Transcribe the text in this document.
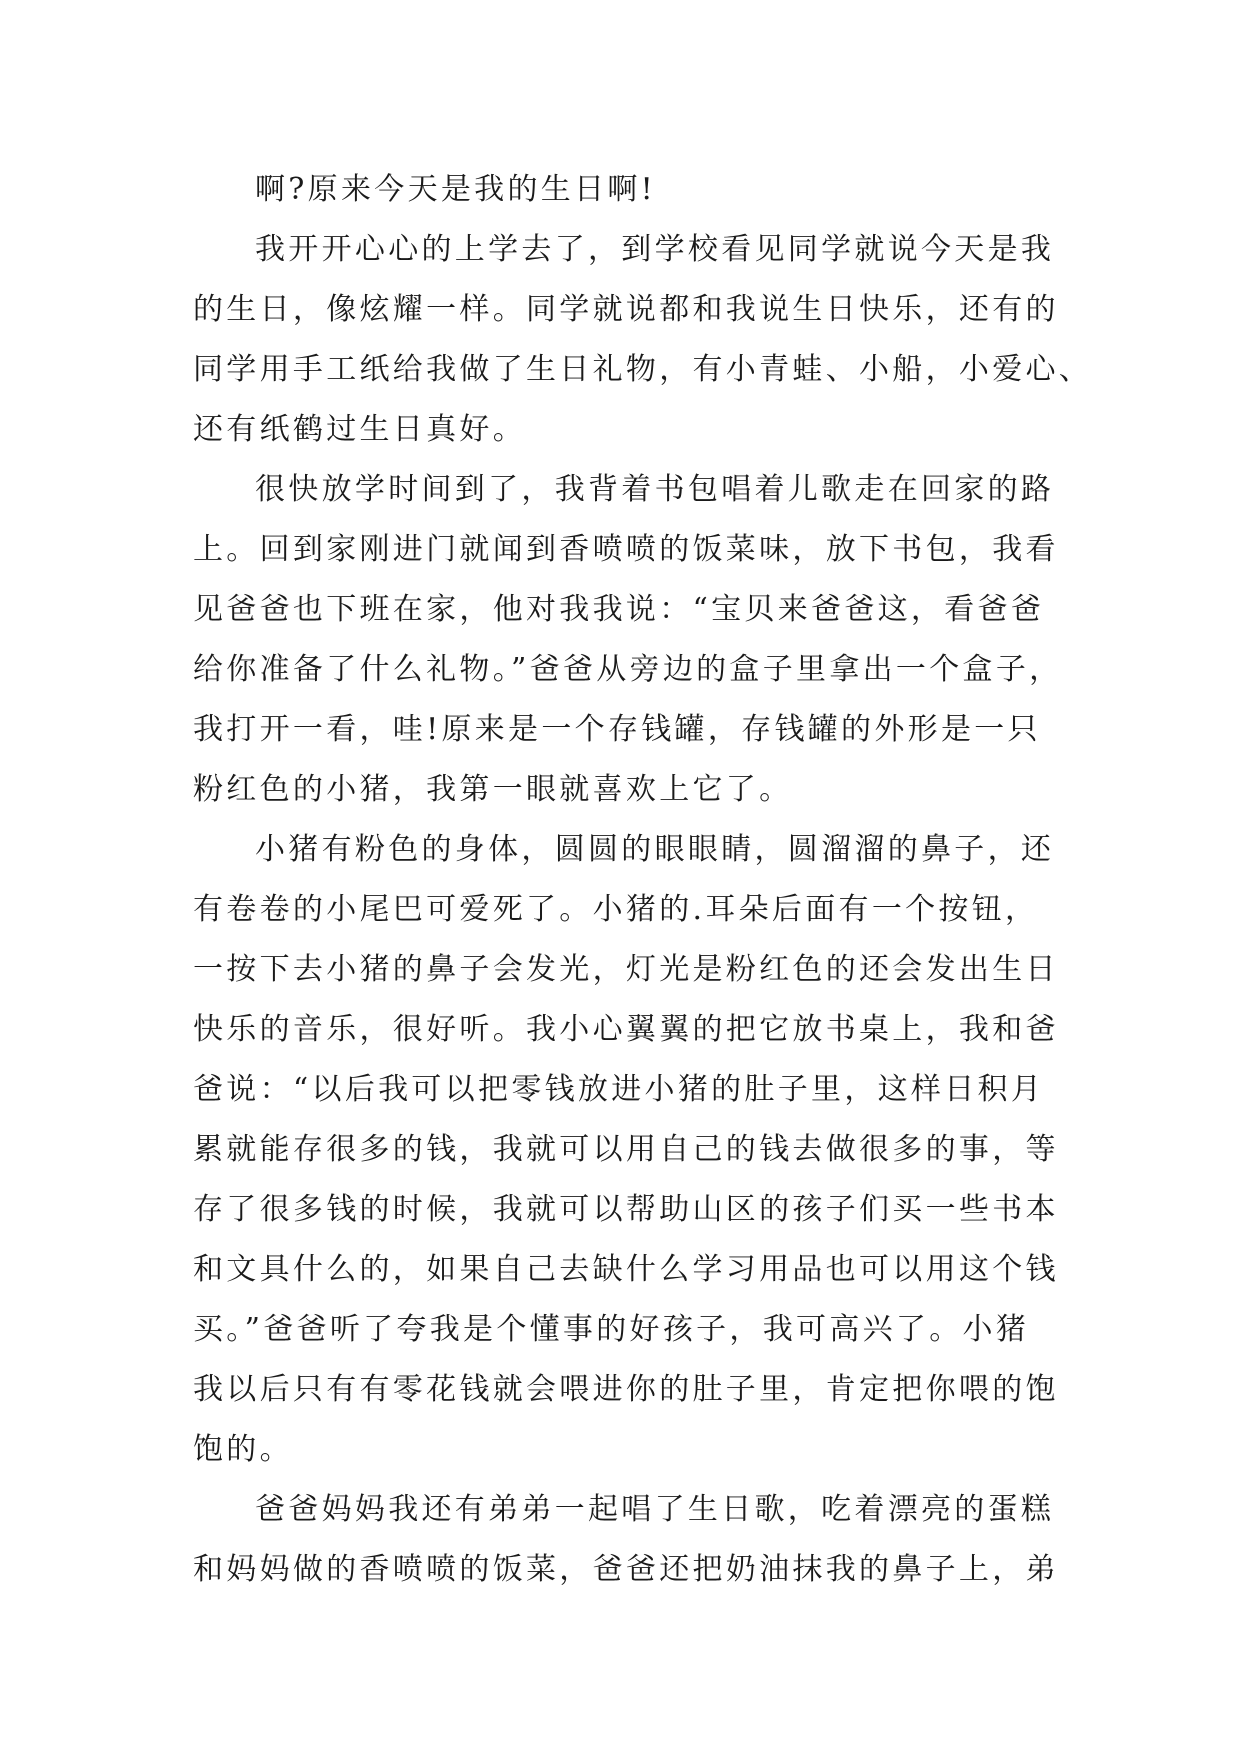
啊?原来今天是我的生日啊!
我开开心心的上学去了，到学校看见同学就说今天是我
的生日，像炫耀一样。同学就说都和我说生日快乐，还有的
同学用手工纸给我做了生日礼物，有小青蛙、小船，小爱心、
还有纸鹤过生日真好。
很快放学时间到了，我背着书包唱着儿歌走在回家的路
上。回到家刚进门就闻到香喷喷的饭菜味，放下书包，我看
见爸爸也下班在家，他对我我说：“宝贝来爸爸这，看爸爸
给你准备了什么礼物。”爸爸从旁边的盒子里拿出一个盒子，
我打开一看，哇!原来是一个存钱罐，存钱罐的外形是一只
粉红色的小猪，我第一眼就喜欢上它了。
小猪有粉色的身体，圆圆的眼眼睛，圆溜溜的鼻子，还
有卷卷的小尾巴可爱死了。小猪的.耳朵后面有一个按钮，
一按下去小猪的鼻子会发光，灯光是粉红色的还会发出生日
快乐的音乐，很好听。我小心翼翼的把它放书桌上，我和爸
爸说：“以后我可以把零钱放进小猪的肚子里，这样日积月
累就能存很多的钱，我就可以用自己的钱去做很多的事，等
存了很多钱的时候，我就可以帮助山区的孩子们买一些书本
和文具什么的，如果自己去缺什么学习用品也可以用这个钱
买。”爸爸听了夸我是个懂事的好孩子，我可高兴了。小猪
我以后只有有零花钱就会喂进你的肚子里，肯定把你喂的饱
饱的。
爸爸妈妈我还有弟弟一起唱了生日歌，吃着漂亮的蛋糕
和妈妈做的香喷喷的饭菜，爸爸还把奶油抹我的鼻子上，弟
